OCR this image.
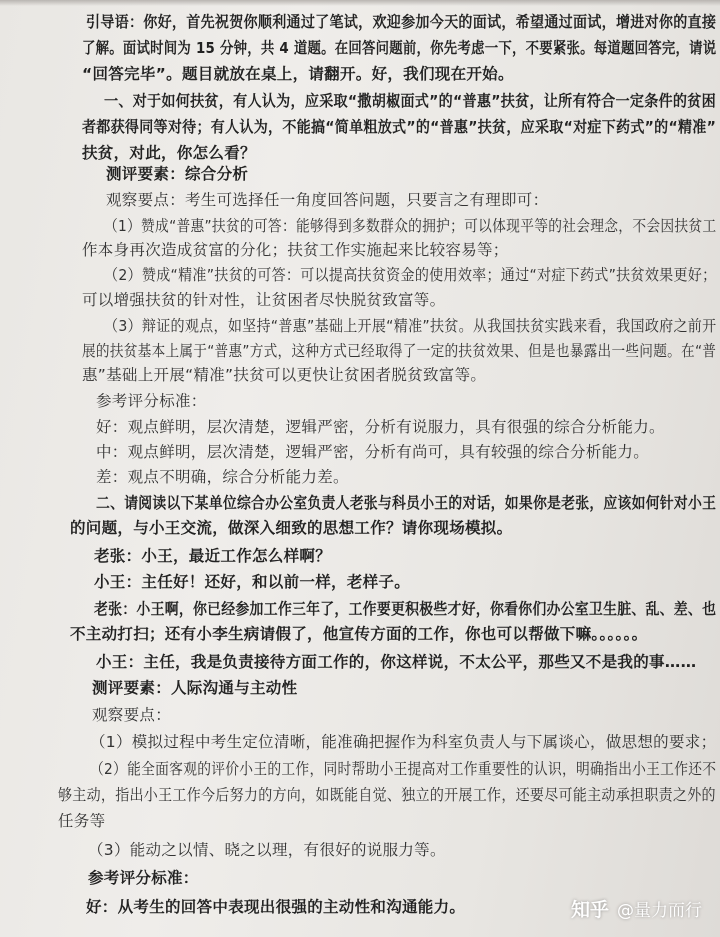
引导语：你好，首先祝贺你顺利通过了笔试，欢迎参加今天的面试，希望通过面试，增进对你的直接
了解。面试时间为 15 分钟，共 4 道题。在回答问题前，你先考虑一下，不要紧张。每道题回答完，请说
“回答完毕”。题目就放在桌上，请翻开。好，我们现在开始。
一、对于如何扶贫，有人认为，应采取“撒胡椒面式”的“普惠”扶贫，让所有符合一定条件的贫困
者都获得同等对待；有人认为，不能搞“简单粗放式”的“普惠”扶贫，应采取“对症下药式”的“精准”
扶贫，对此，你怎么看？
测评要素：综合分析
观察要点：考生可选择任一角度回答问题，只要言之有理即可：
（1）赞成“普惠”扶贫的可答：能够得到多数群众的拥护；可以体现平等的社会理念，不会因扶贫工
作本身再次造成贫富的分化；扶贫工作实施起来比较容易等；
（2）赞成“精准”扶贫的可答：可以提高扶贫资金的使用效率；通过“对症下药式”扶贫效果更好；
可以增强扶贫的针对性，让贫困者尽快脱贫致富等。
（3）辩证的观点，如坚持“普惠”基础上开展“精准”扶贫。从我国扶贫实践来看，我国政府之前开
展的扶贫基本上属于“普惠”方式，这种方式已经取得了一定的扶贫效果、但是也暴露出一些问题。在“普
惠”基础上开展“精准”扶贫可以更快让贫困者脱贫致富等。
参考评分标准：
好：观点鲜明，层次清楚，逻辑严密，分析有说服力，具有很强的综合分析能力。
中：观点鲜明，层次清楚，逻辑严密，分析有尚可，具有较强的综合分析能力。
差：观点不明确，综合分析能力差。
二、请阅读以下某单位综合办公室负责人老张与科员小王的对话，如果你是老张，应该如何针对小王
的问题，与小王交流，做深入细致的思想工作？请你现场模拟。
老张：小王，最近工作怎么样啊？
小王：主任好！还好，和以前一样，老样子。
老张：小王啊，你已经参加工作三年了，工作要更积极些才好，你看你们办公室卫生脏、乱、差、也
不主动打扫；还有小李生病请假了，他宣传方面的工作，你也可以帮做下嘛。。。。。。
小王：主任，我是负责接待方面工作的，你这样说，不太公平，那些又不是我的事……
测评要素：人际沟通与主动性
观察要点：
（1）模拟过程中考生定位清晰，能准确把握作为科室负责人与下属谈心，做思想的要求；
（2）能全面客观的评价小王的工作，同时帮助小王提高对工作重要性的认识，明确指出小王工作还不
够主动，指出小王工作今后努力的方向，如既能自觉、独立的开展工作，还要尽可能主动承担职责之外的
任务等
（3）能动之以情、晓之以理，有很好的说服力等。
参考评分标准：
好：从考生的回答中表现出很强的主动性和沟通能力。	知乎 @量力而行
